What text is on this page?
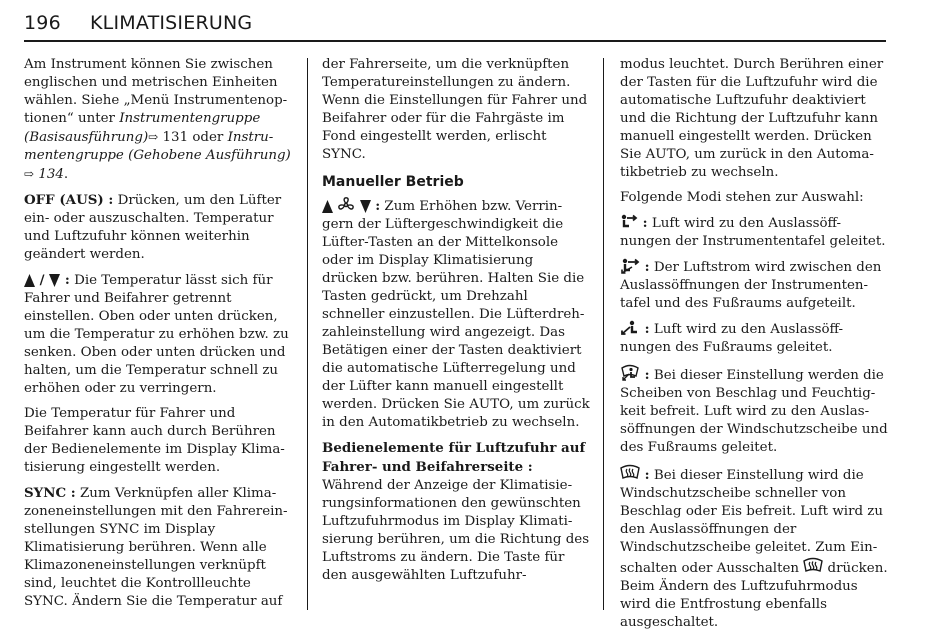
196 KLIMATISIERUNG

Am Instrument können Sie zwischen englischen und metrischen Einheiten wählen. Siehe „Menü Instrumentenop- tionen“ unter Instrumentengruppe (Basisausführung)⇨ 131 oder Instru- mentengruppe (Gehobene Ausführung)
⇨ 134.

OFF (AUS) : Drücken, um den Lüfter ein- oder auszuschalten. Temperatur und Luftzufuhr können weiterhin geändert werden.

/  : Die Temperatur lässt sich für Fahrer und Beifahrer getrennt einstellen. Oben oder unten drücken, um die Temperatur zu erhöhen bzw. zu senken. Oben oder unten drücken und halten, um die Temperatur schnell zu erhöhen oder zu verringern.

Die Temperatur für Fahrer und Beifahrer kann auch durch Berühren der Bedienelemente im Display Klima- tisierung eingestellt werden.

SYNC : Zum Verknüpfen aller Klima- zoneneinstellungen mit den Fahrerein- stellungen SYNC im Display Klimatisierung berühren. Wenn alle Klimazoneneinstellungen verknüpft sind, leuchtet die Kontrollleuchte SYNC. Ändern Sie die Temperatur auf

der Fahrerseite, um die verknüpften Temperatureinstellungen zu ändern. Wenn die Einstellungen für Fahrer und Beifahrer oder für die Fahrgäste im Fond eingestellt werden, erlischt SYNC.

Manueller Betrieb

: Zum Erhöhen bzw. Verrin- gern der Lüftergeschwindigkeit die Lüfter-Tasten an der Mittelkonsole oder im Display Klimatisierung drücken bzw. berühren. Halten Sie die Tasten gedrückt, um Drehzahl schneller einzustellen. Die Lüfterdreh- zahleinstellung wird angezeigt. Das Betätigen einer der Tasten deaktiviert die automatische Lüfterregelung und der Lüfter kann manuell eingestellt werden. Drücken Sie AUTO, um zurück in den Automatikbetrieb zu wechseln.

Bedienelemente für Luftzufuhr auf Fahrer- und Beifahrerseite :
Während der Anzeige der Klimatisie- rungsinformationen den gewünschten Luftzufuhrmodus im Display Klimati- sierung berühren, um die Richtung des Luftstroms zu ändern. Die Taste für den ausgewählten Luftzufuhr-

modus leuchtet. Durch Berühren einer der Tasten für die Luftzufuhr wird die automatische Luftzufuhr deaktiviert und die Richtung der Luftzufuhr kann manuell eingestellt werden. Drücken Sie AUTO, um zurück in den Automa- tikbetrieb zu wechseln.

Folgende Modi stehen zur Auswahl:

: Luft wird zu den Auslassöff- nungen der Instrumententafel geleitet.

: Der Luftstrom wird zwischen den Auslassöffnungen der Instrumenten- tafel und des Fußraums aufgeteilt.

: Luft wird zu den Auslassöff- nungen des Fußraums geleitet.

: Bei dieser Einstellung werden die Scheiben von Beschlag und Feuchtig- keit befreit. Luft wird zu den Auslas- söffnungen der Windschutzscheibe und des Fußraums geleitet.

: Bei dieser Einstellung wird die Windschutzscheibe schneller von Beschlag oder Eis befreit. Luft wird zu den Auslassöffnungen der Windschutzscheibe geleitet. Zum Ein- schalten oder Ausschalten  drücken. Beim Ändern des Luftzufuhrmodus wird die Entfrostung ebenfalls ausgeschaltet.
